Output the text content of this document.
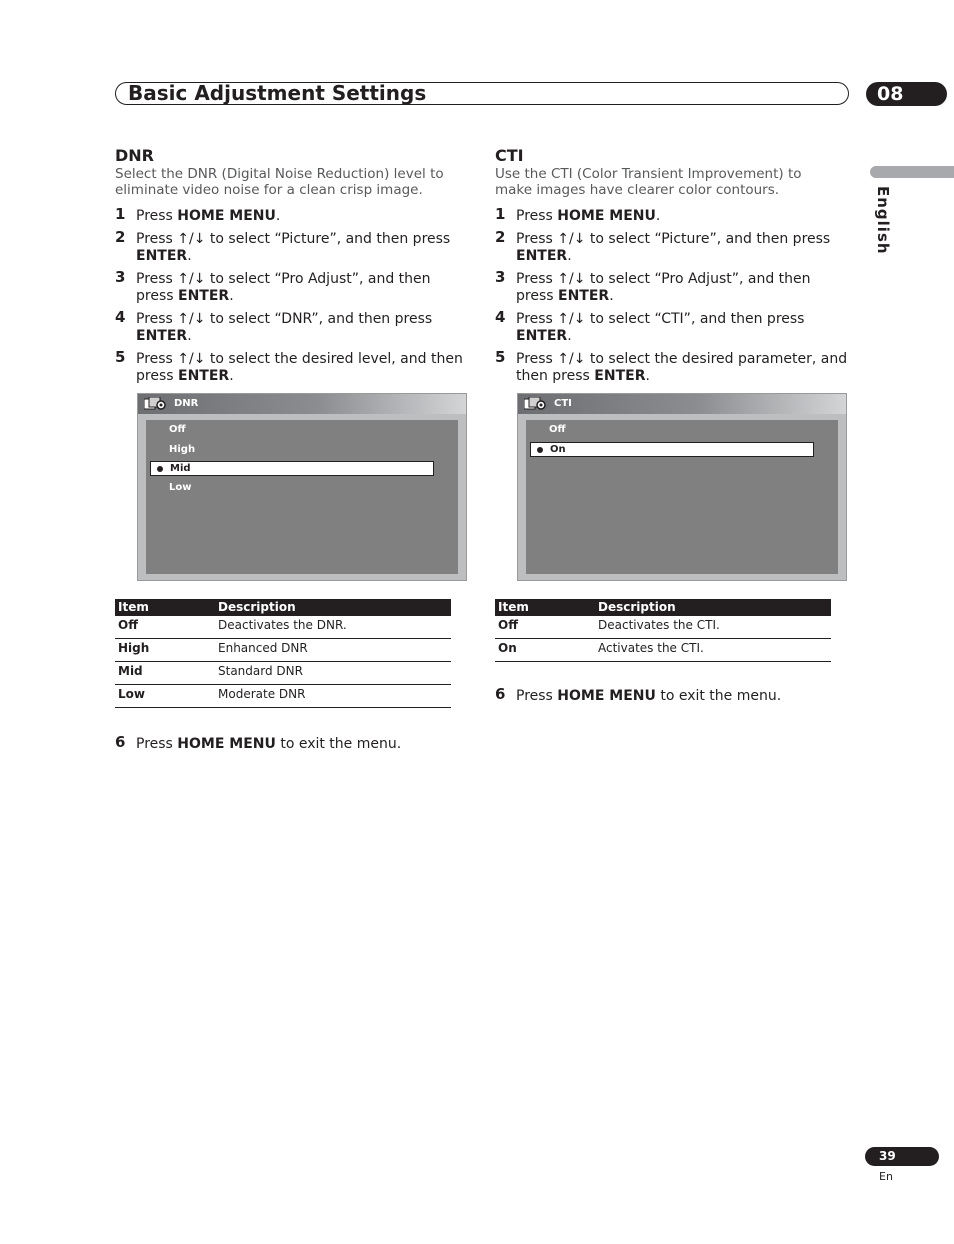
Basic Adjustment Settings	08
English
DNR

Select the DNR (Digital Noise Reduction) level to eliminate video noise for a clean crisp image.

1 Press HOME MENU.
2 Press ↑/↓ to select “Picture”, and then press ENTER.
3 Press ↑/↓ to select “Pro Adjust”, and then press ENTER.
4 Press ↑/↓ to select “DNR”, and then press ENTER.
5 Press ↑/↓ to select the desired level, and then press ENTER.
DNR
Off
High
Mid
Low
Item	Description
Off	Deactivates the DNR.
High	Enhanced DNR
Mid	Standard DNR
Low	Moderate DNR
6 Press HOME MENU to exit the menu.
CTI

Use the CTI (Color Transient Improvement) to make images have clearer color contours.

1 Press HOME MENU.
2 Press ↑/↓ to select “Picture”, and then press ENTER.
3 Press ↑/↓ to select “Pro Adjust”, and then press ENTER.
4 Press ↑/↓ to select “CTI”, and then press ENTER.
5 Press ↑/↓ to select the desired parameter, and then press ENTER.
CTI
Off
On
Item	Description
Off	Deactivates the CTI.
On	Activates the CTI.
6 Press HOME MENU to exit the menu.
39
En
